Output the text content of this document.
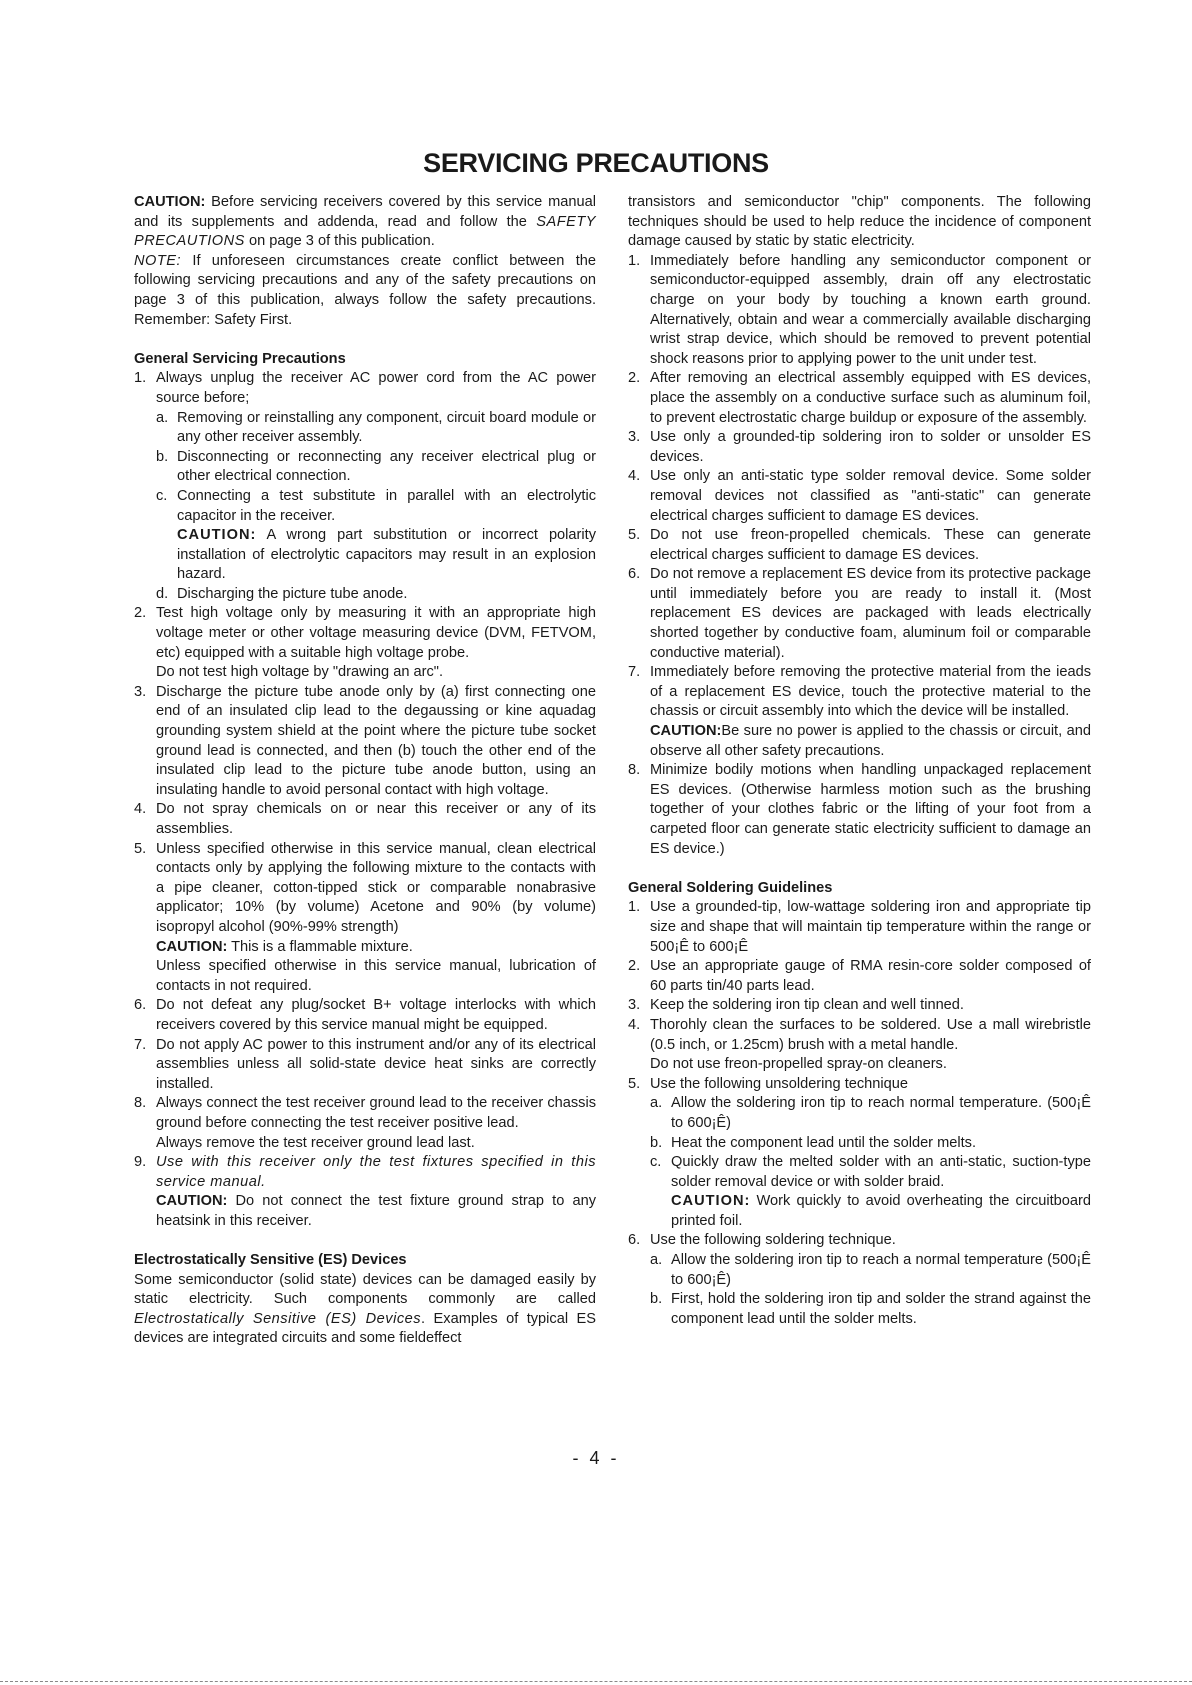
SERVICING PRECAUTIONS

CAUTION: Before servicing receivers covered by this service manual and its supplements and addenda, read and follow the SAFETY PRECAUTIONS on page 3 of this publication.

NOTE: If unforeseen circumstances create conflict between the following servicing precautions and any of the safety precautions on page 3 of this publication, always follow the safety precautions. Remember: Safety First.

General Servicing Precautions

1. Always unplug the receiver AC power cord from the AC power source before;

a. Removing or reinstalling any component, circuit board module or any other receiver assembly.

b. Disconnecting or reconnecting any receiver electrical plug or other electrical connection.

c. Connecting a test substitute in parallel with an electrolytic capacitor in the receiver.

CAUTION: A wrong part substitution or incorrect polarity installation of electrolytic capacitors may result in an explosion hazard.

d. Discharging the picture tube anode.

2. Test high voltage only by measuring it with an appropriate high voltage meter or other voltage measuring device (DVM, FETVOM, etc) equipped with a suitable high voltage probe.

Do not test high voltage by "drawing an arc".

3. Discharge the picture tube anode only by (a) first connecting one end of an insulated clip lead to the degaussing or kine aquadag grounding system shield at the point where the picture tube socket ground lead is connected, and then (b) touch the other end of the insulated clip lead to the picture tube anode button, using an insulating handle to avoid personal contact with high voltage.

4. Do not spray chemicals on or near this receiver or any of its assemblies.

5. Unless specified otherwise in this service manual, clean electrical contacts only by applying the following mixture to the contacts with a pipe cleaner, cotton-tipped stick or comparable nonabrasive applicator; 10% (by volume) Acetone and 90% (by volume) isopropyl alcohol (90%-99% strength)

CAUTION: This is a flammable mixture.

Unless specified otherwise in this service manual, lubrication of contacts in not required.

6. Do not defeat any plug/socket B+ voltage interlocks with which receivers covered by this service manual might be equipped.

7. Do not apply AC power to this instrument and/or any of its electrical assemblies unless all solid-state device heat sinks are correctly installed.

8. Always connect the test receiver ground lead to the receiver chassis ground before connecting the test receiver positive lead.

Always remove the test receiver ground lead last.

9. Use with this receiver only the test fixtures specified in this service manual.

CAUTION: Do not connect the test fixture ground strap to any heatsink in this receiver.

Electrostatically Sensitive (ES) Devices

Some semiconductor (solid state) devices can be damaged easily by static electricity. Such components commonly are called Electrostatically Sensitive (ES) Devices. Examples of typical ES devices are integrated circuits and some fieldeffect

transistors and semiconductor "chip" components. The following techniques should be used to help reduce the incidence of component damage caused by static by static electricity.

1. Immediately before handling any semiconductor component or semiconductor-equipped assembly, drain off any electrostatic charge on your body by touching a known earth ground. Alternatively, obtain and wear a commercially available discharging wrist strap device, which should be removed to prevent potential shock reasons prior to applying power to the unit under test.

2. After removing an electrical assembly equipped with ES devices, place the assembly on a conductive surface such as aluminum foil, to prevent electrostatic charge buildup or exposure of the assembly.

3. Use only a grounded-tip soldering iron to solder or unsolder ES devices.

4. Use only an anti-static type solder removal device. Some solder removal devices not classified as "anti-static" can generate electrical charges sufficient to damage ES devices.

5. Do not use freon-propelled chemicals. These can generate electrical charges sufficient to damage ES devices.

6. Do not remove a replacement ES device from its protective package until immediately before you are ready to install it. (Most replacement ES devices are packaged with leads electrically shorted together by conductive foam, aluminum foil or comparable conductive material).

7. Immediately before removing the protective material from the ieads of a replacement ES device, touch the protective material to the chassis or circuit assembly into which the device will be installed.

CAUTION:Be sure no power is applied to the chassis or circuit, and observe all other safety precautions.

8. Minimize bodily motions when handling unpackaged replacement ES devices. (Otherwise harmless motion such as the brushing together of your clothes fabric or the lifting of your foot from a carpeted floor can generate static electricity sufficient to damage an ES device.)

General Soldering Guidelines

1. Use a grounded-tip, low-wattage soldering iron and appropriate tip size and shape that will maintain tip temperature within the range or 500¡Ê to 600¡Ê

2. Use an appropriate gauge of RMA resin-core solder composed of 60 parts tin/40 parts lead.

3. Keep the soldering iron tip clean and well tinned.

4. Thorohly clean the surfaces to be soldered. Use a mall wirebristle (0.5 inch, or 1.25cm) brush with a metal handle.

Do not use freon-propelled spray-on cleaners.

5. Use the following unsoldering technique

a. Allow the soldering iron tip to reach normal temperature. (500¡Ê to 600¡Ê)

b. Heat the component lead until the solder melts.

c. Quickly draw the melted solder with an anti-static, suction-type solder removal device or with solder braid.

CAUTION: Work quickly to avoid overheating the circuitboard printed foil.

6. Use the following soldering technique.

a. Allow the soldering iron tip to reach a normal temperature (500¡Ê to 600¡Ê)

b. First, hold the soldering iron tip and solder the strand against the component lead until the solder melts.

- 4 -
